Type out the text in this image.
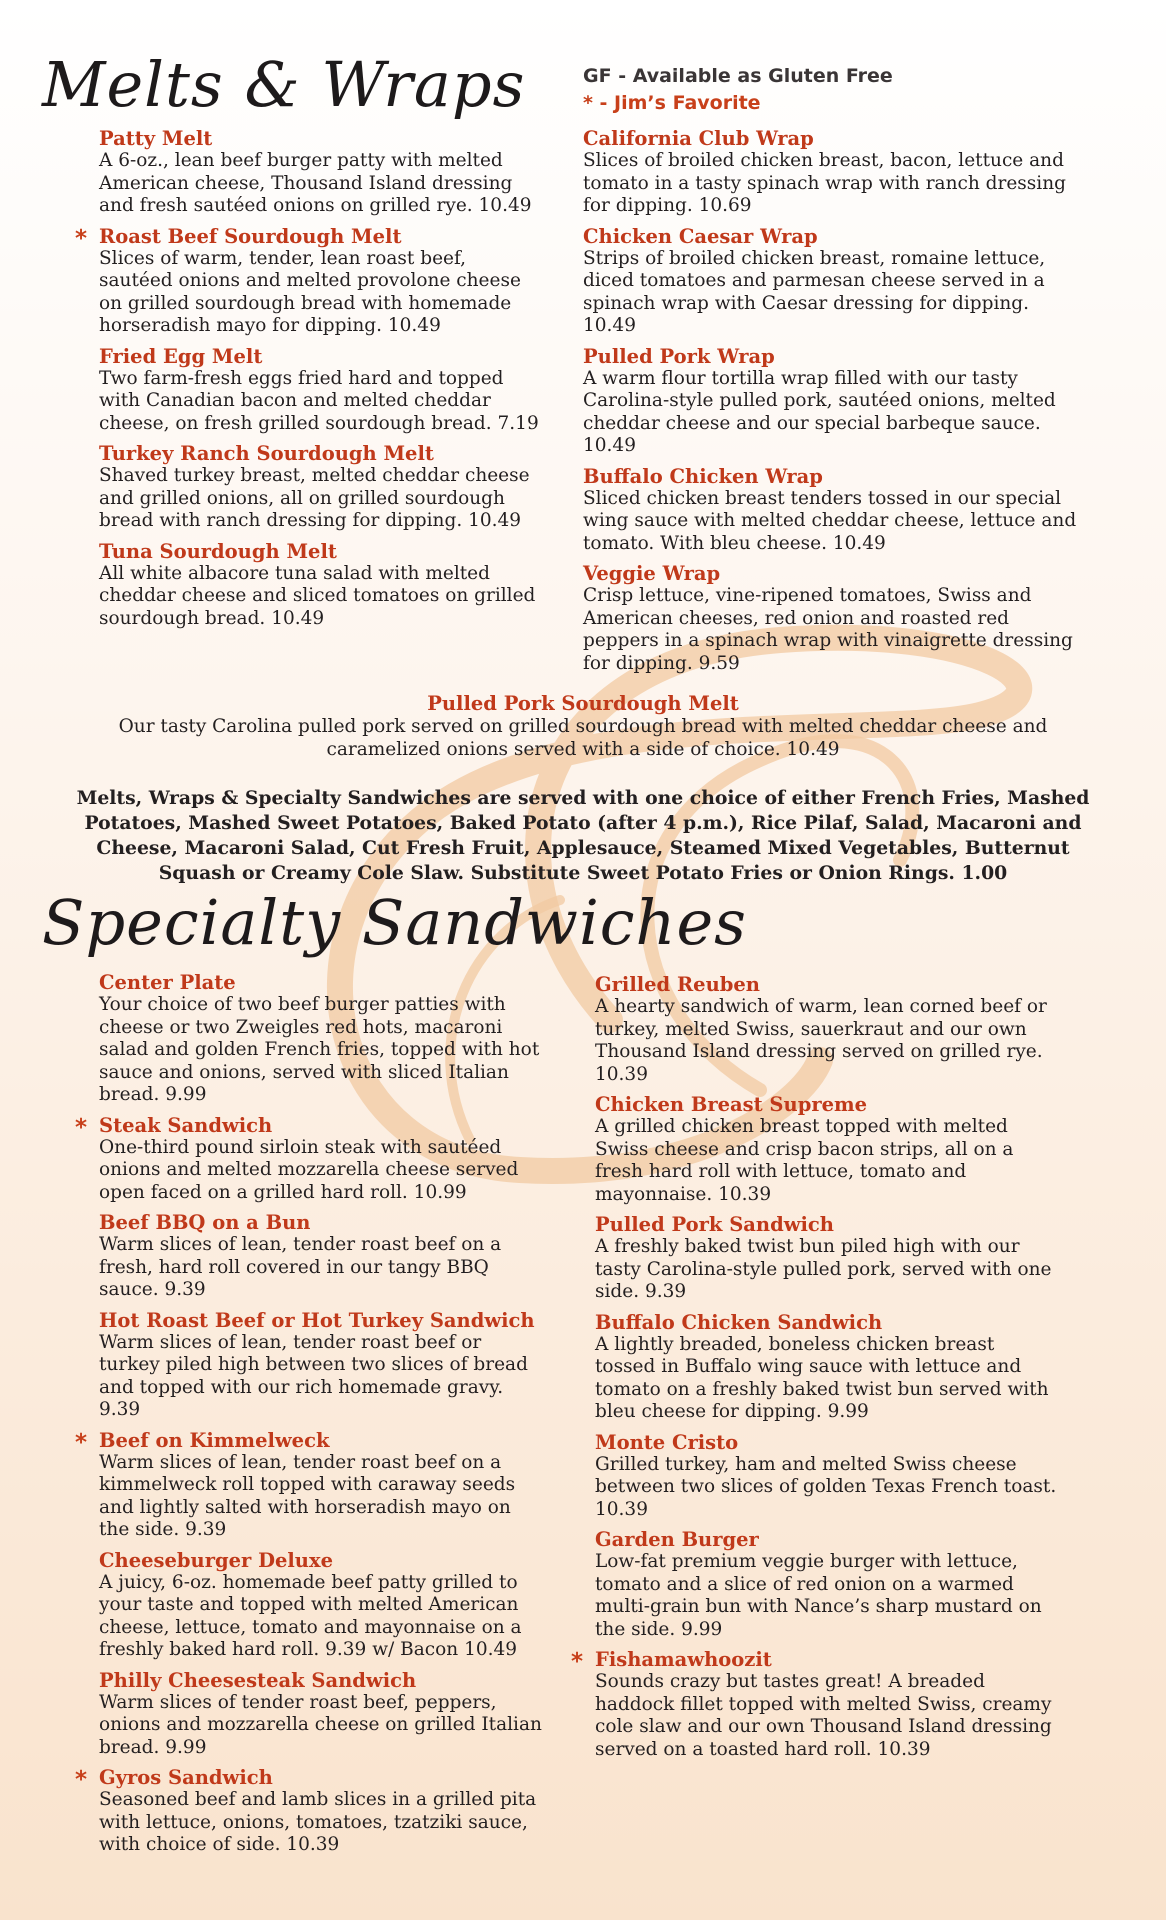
Melts & Wraps	GF - Available as Gluten Free
* - Jim’s Favorite
Patty Melt
A 6-oz., lean beef burger patty with melted American cheese, Thousand Island dressing and fresh sautéed onions on grilled rye. 10.49
* Roast Beef Sourdough Melt
Slices of warm, tender, lean roast beef, sautéed onions and melted provolone cheese on grilled sourdough bread with homemade horseradish mayo for dipping. 10.49
Fried Egg Melt
Two farm-fresh eggs fried hard and topped with Canadian bacon and melted cheddar cheese, on fresh grilled sourdough bread. 7.19
Turkey Ranch Sourdough Melt
Shaved turkey breast, melted cheddar cheese and grilled onions, all on grilled sourdough bread with ranch dressing for dipping. 10.49
Tuna Sourdough Melt
All white albacore tuna salad with melted cheddar cheese and sliced tomatoes on grilled sourdough bread. 10.49
California Club Wrap
Slices of broiled chicken breast, bacon, lettuce and tomato in a tasty spinach wrap with ranch dressing for dipping. 10.69
Chicken Caesar Wrap
Strips of broiled chicken breast, romaine lettuce, diced tomatoes and parmesan cheese served in a spinach wrap with Caesar dressing for dipping. 10.49
Pulled Pork Wrap
A warm flour tortilla wrap filled with our tasty Carolina-style pulled pork, sautéed onions, melted cheddar cheese and our special barbeque sauce. 10.49
Buffalo Chicken Wrap
Sliced chicken breast tenders tossed in our special wing sauce with melted cheddar cheese, lettuce and tomato. With bleu cheese. 10.49
Veggie Wrap
Crisp lettuce, vine-ripened tomatoes, Swiss and American cheeses, red onion and roasted red peppers in a spinach wrap with vinaigrette dressing for dipping. 9.59
Pulled Pork Sourdough Melt
Our tasty Carolina pulled pork served on grilled sourdough bread with melted cheddar cheese and caramelized onions served with a side of choice. 10.49
Melts, Wraps & Specialty Sandwiches are served with one choice of either French Fries, Mashed Potatoes, Mashed Sweet Potatoes, Baked Potato (after 4 p.m.), Rice Pilaf, Salad, Macaroni and Cheese, Macaroni Salad, Cut Fresh Fruit, Applesauce, Steamed Mixed Vegetables, Butternut Squash or Creamy Cole Slaw. Substitute Sweet Potato Fries or Onion Rings. 1.00
Specialty Sandwiches
Center Plate
Your choice of two beef burger patties with cheese or two Zweigles red hots, macaroni salad and golden French fries, topped with hot sauce and onions, served with sliced Italian bread. 9.99
* Steak Sandwich
One-third pound sirloin steak with sautéed onions and melted mozzarella cheese served open faced on a grilled hard roll. 10.99
Beef BBQ on a Bun
Warm slices of lean, tender roast beef on a fresh, hard roll covered in our tangy BBQ sauce. 9.39
Hot Roast Beef or Hot Turkey Sandwich
Warm slices of lean, tender roast beef or turkey piled high between two slices of bread and topped with our rich homemade gravy. 9.39
* Beef on Kimmelweck
Warm slices of lean, tender roast beef on a kimmelweck roll topped with caraway seeds and lightly salted with horseradish mayo on the side. 9.39
Cheeseburger Deluxe
A juicy, 6-oz. homemade beef patty grilled to your taste and topped with melted American cheese, lettuce, tomato and mayonnaise on a freshly baked hard roll. 9.39 w/ Bacon 10.49
Philly Cheesesteak Sandwich
Warm slices of tender roast beef, peppers, onions and mozzarella cheese on grilled Italian bread. 9.99
* Gyros Sandwich
Seasoned beef and lamb slices in a grilled pita with lettuce, onions, tomatoes, tzatziki sauce, with choice of side. 10.39
Grilled Reuben
A hearty sandwich of warm, lean corned beef or turkey, melted Swiss, sauerkraut and our own Thousand Island dressing served on grilled rye. 10.39
Chicken Breast Supreme
A grilled chicken breast topped with melted Swiss cheese and crisp bacon strips, all on a fresh hard roll with lettuce, tomato and mayonnaise. 10.39
Pulled Pork Sandwich
A freshly baked twist bun piled high with our tasty Carolina-style pulled pork, served with one side. 9.39
Buffalo Chicken Sandwich
A lightly breaded, boneless chicken breast tossed in Buffalo wing sauce with lettuce and tomato on a freshly baked twist bun served with bleu cheese for dipping. 9.99
Monte Cristo
Grilled turkey, ham and melted Swiss cheese between two slices of golden Texas French toast. 10.39
Garden Burger
Low-fat premium veggie burger with lettuce, tomato and a slice of red onion on a warmed multi-grain bun with Nance’s sharp mustard on the side. 9.99
* Fishamawhoozit
Sounds crazy but tastes great! A breaded haddock fillet topped with melted Swiss, creamy cole slaw and our own Thousand Island dressing served on a toasted hard roll. 10.39
